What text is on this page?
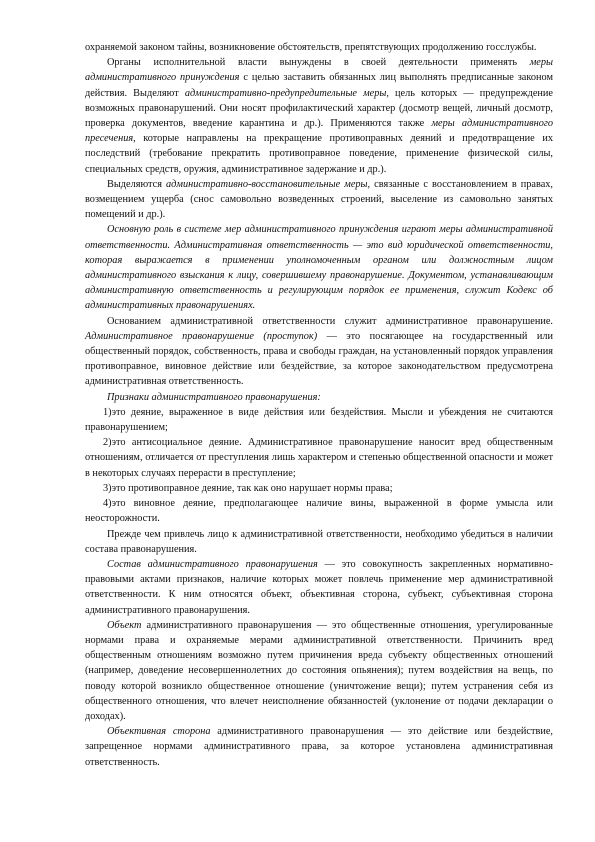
охраняемой законом тайны, возникновение обстоятельств, препятствующих продолжению госслужбы.

Органы исполнительной власти вынуждены в своей деятельности применять меры административного принуждения с целью заставить обязанных лиц выполнять предписанные законом действия. Выделяют административно-предупредительные меры, цель которых — предупреждение возможных правонарушений. Они носят профилактический характер (досмотр вещей, личный досмотр, проверка документов, введение карантина и др.). Применяются также меры административного пресечения, которые направлены на прекращение противоправных деяний и предотвращение их последствий (требование прекратить противоправное поведение, применение физической силы, специальных средств, оружия, административное задержание и др.).

Выделяются административно-восстановительные меры, связанные с восстановлением в правах, возмещением ущерба (снос самовольно возведенных строений, выселение из самовольно занятых помещений и др.).

Основную роль в системе мер административного принуждения играют меры административной ответственности. Административная ответственность — это вид юридической ответственности, которая выражается в применении уполномоченным органом или должностным лицом административного взыскания к лицу, совершившему правонарушение. Документом, устанавливающим административную ответственность и регулирующим порядок ее применения, служит Кодекс об административных правонарушениях.

Основанием административной ответственности служит административное правонарушение. Административное правонарушение (проступок) — это посягающее на государственный или общественный порядок, собственность, права и свободы граждан, на установленный порядок управления противоправное, виновное действие или бездействие, за которое законодательством предусмотрена административная ответственность.

Признаки административного правонарушения:

1)это деяние, выраженное в виде действия или бездействия. Мысли и убеждения не считаются правонарушением;

2)это антисоциальное деяние. Административное правонарушение наносит вред общественным отношениям, отличается от преступления лишь характером и степенью общественной опасности и может в некоторых случаях перерасти в преступление;

3)это противоправное деяние, так как оно нарушает нормы права;

4)это виновное деяние, предполагающее наличие вины, выраженной в форме умысла или неосторожности.

Прежде чем привлечь лицо к административной ответственности, необходимо убедиться в наличии состава правонарушения.

Состав административного правонарушения — это совокупность закрепленных нормативно-правовыми актами признаков, наличие которых может повлечь применение мер административной ответственности. К ним относятся объект, объективная сторона, субъект, субъективная сторона административного правонарушения.

Объект административного правонарушения — это общественные отношения, урегулированные нормами права и охраняемые мерами административной ответственности. Причинить вред общественным отношениям возможно путем причинения вреда субъекту общественных отношений (например, доведение несовершеннолетних до состояния опьянения); путем воздействия на вещь, по поводу которой возникло общественное отношение (уничтожение вещи); путем устранения себя из общественного отношения, что влечет неисполнение обязанностей (уклонение от подачи декларации о доходах).

Объективная сторона административного правонарушения — это действие или бездействие, запрещенное нормами административного права, за которое установлена административная ответственность.
